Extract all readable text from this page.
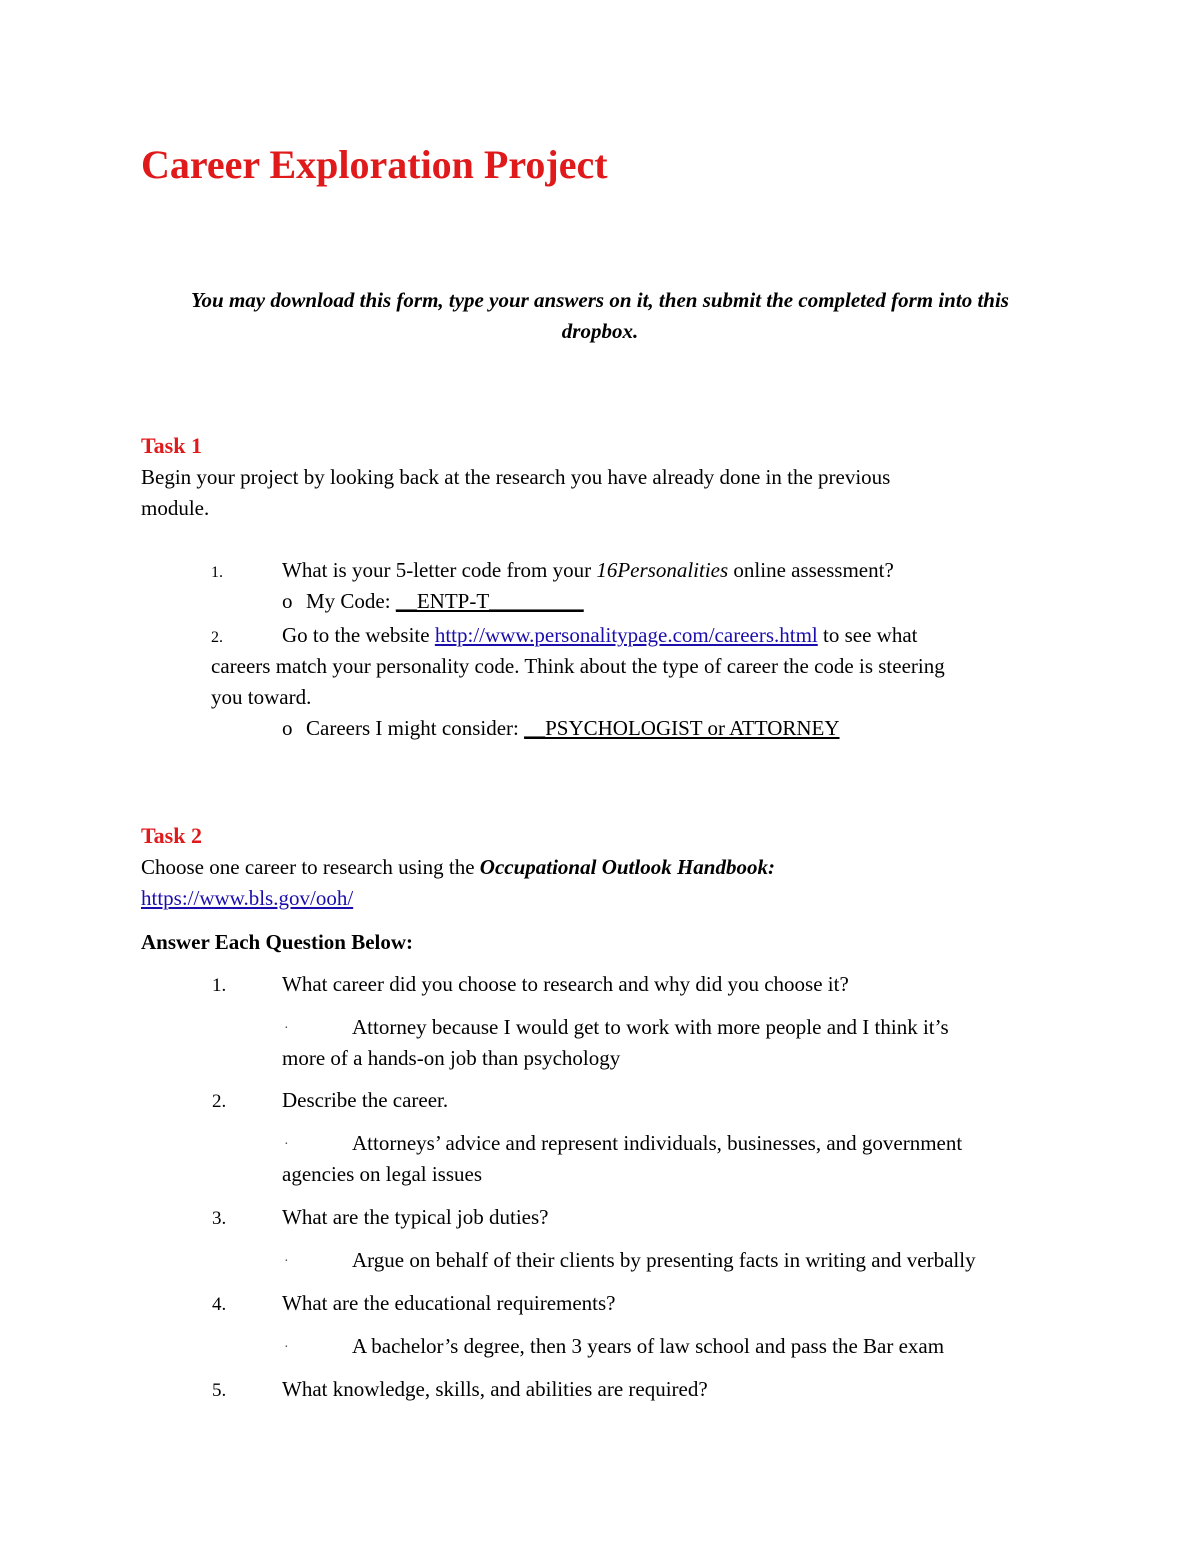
Career Exploration Project
You may download this form, type your answers on it, then submit the completed form into this
dropbox.
Task 1
Begin your project by looking back at the research you have already done in the previous
module.
1.	What is your 5-letter code from your 16Personalities online assessment?
o My Code: __ENTP-T_________
2.	Go to the website http://www.personalitypage.com/careers.html to see what
careers match your personality code. Think about the type of career the code is steering
you toward.
o Careers I might consider: __PSYCHOLOGIST or ATTORNEY
Task 2
Choose one career to research using the Occupational Outlook Handbook:
https://www.bls.gov/ooh/
Answer Each Question Below:
1.	What career did you choose to research and why did you choose it?
·	Attorney because I would get to work with more people and I think it’s
more of a hands-on job than psychology
2.	Describe the career.
·	Attorneys’ advice and represent individuals, businesses, and government
agencies on legal issues
3.	What are the typical job duties?
·	Argue on behalf of their clients by presenting facts in writing and verbally
4.	What are the educational requirements?
·	A bachelor’s degree, then 3 years of law school and pass the Bar exam
5.	What knowledge, skills, and abilities are required?
